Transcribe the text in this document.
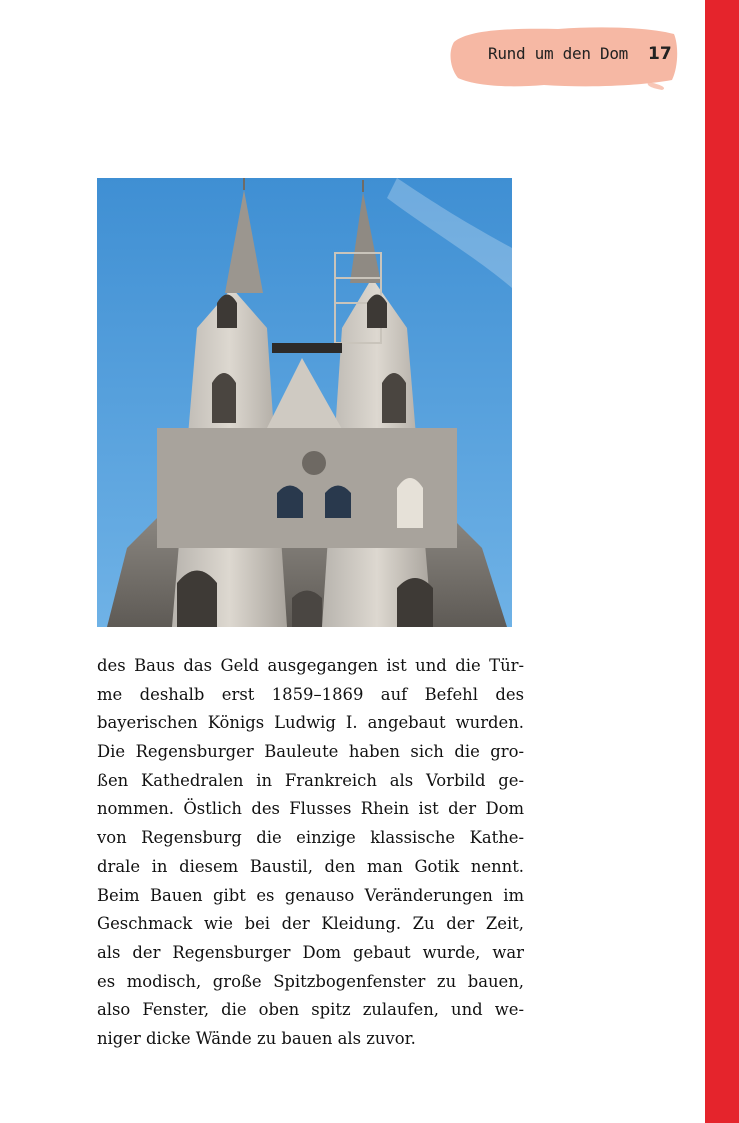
Rund um den Dom 17
des Baus das Geld ausgegangen ist und die Tür-
me deshalb erst 1859–1869 auf Befehl des
bayerischen Königs Ludwig I. angebaut wurden.
Die Regensburger Bauleute haben sich die gro-
ßen Kathedralen in Frankreich als Vorbild ge-
nommen. Östlich des Flusses Rhein ist der Dom
von Regensburg die einzige klassische Kathe-
drale in diesem Baustil, den man Gotik nennt.
Beim Bauen gibt es genauso Veränderungen im
Geschmack wie bei der Kleidung. Zu der Zeit,
als der Regensburger Dom gebaut wurde, war
es modisch, große Spitzbogenfenster zu bauen,
also Fenster, die oben spitz zulaufen, und we-
niger dicke Wände zu bauen als zuvor.
